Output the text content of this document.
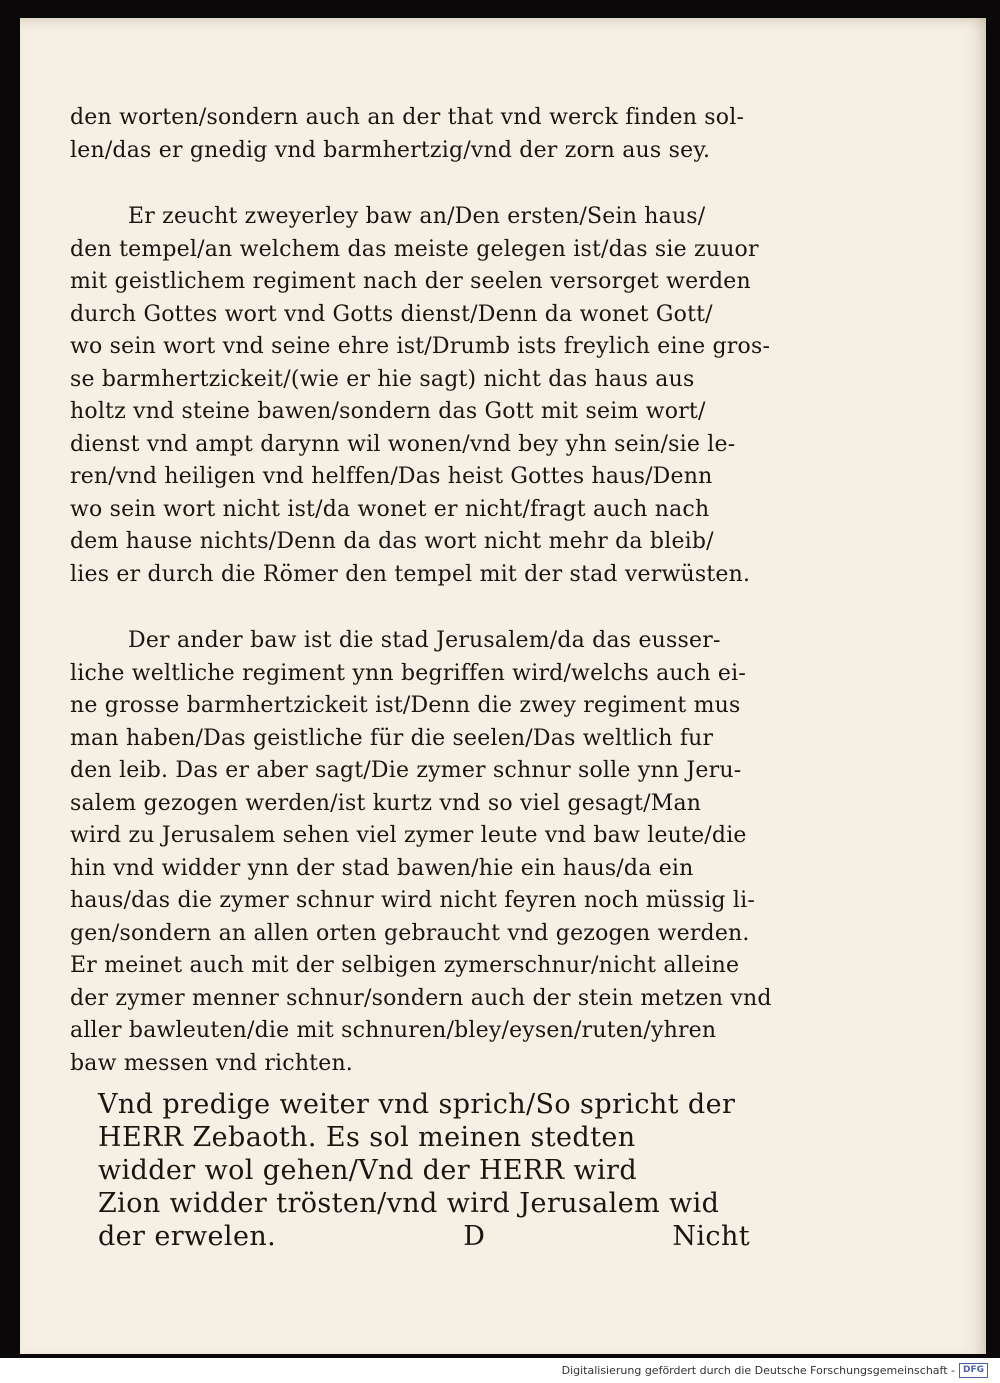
den worten/sondern auch an der that vnd werck finden sol-
len/das er gnedig vnd barmhertzig/vnd der zorn aus sey.
Er zeucht zweyerley baw an/Den ersten/Sein haus/
den tempel/an welchem das meiste gelegen ist/das sie zuuor
mit geistlichem regiment nach der seelen versorget werden
durch Gottes wort vnd Gotts dienst/Denn da wonet Gott/
wo sein wort vnd seine ehre ist/Drumb ists freylich eine gros-
se barmhertzickeit/(wie er hie sagt) nicht das haus aus
holtz vnd steine bawen/sondern das Gott mit seim wort/
dienst vnd ampt darynn wil wonen/vnd bey yhn sein/sie le-
ren/vnd heiligen vnd helffen/Das heist Gottes haus/Denn
wo sein wort nicht ist/da wonet er nicht/fragt auch nach
dem hause nichts/Denn da das wort nicht mehr da bleib/
lies er durch die Römer den tempel mit der stad verwüsten.
Der ander baw ist die stad Jerusalem/da das eusser-
liche weltliche regiment ynn begriffen wird/welchs auch ei-
ne grosse barmhertzickeit ist/Denn die zwey regiment mus
man haben/Das geistliche für die seelen/Das weltlich fur
den leib. Das er aber sagt/Die zymer schnur solle ynn Jeru-
salem gezogen werden/ist kurtz vnd so viel gesagt/Man
wird zu Jerusalem sehen viel zymer leute vnd baw leute/die
hin vnd widder ynn der stad bawen/hie ein haus/da ein
haus/das die zymer schnur wird nicht feyren noch müssig li-
gen/sondern an allen orten gebraucht vnd gezogen werden.
Er meinet auch mit der selbigen zymerschnur/nicht alleine
der zymer menner schnur/sondern auch der stein metzen vnd
aller bawleuten/die mit schnuren/bley/eysen/ruten/yhren
baw messen vnd richten.
Vnd predige weiter vnd sprich/So spricht der
HERR Zebaoth. Es sol meinen stedten
widder wol gehen/Vnd der HERR wird
Zion widder trösten/vnd wird Jerusalem wid
der erwelen.	D	Nicht
Digitalisierung gefördert durch die Deutsche Forschungsgemeinschaft - DFG
